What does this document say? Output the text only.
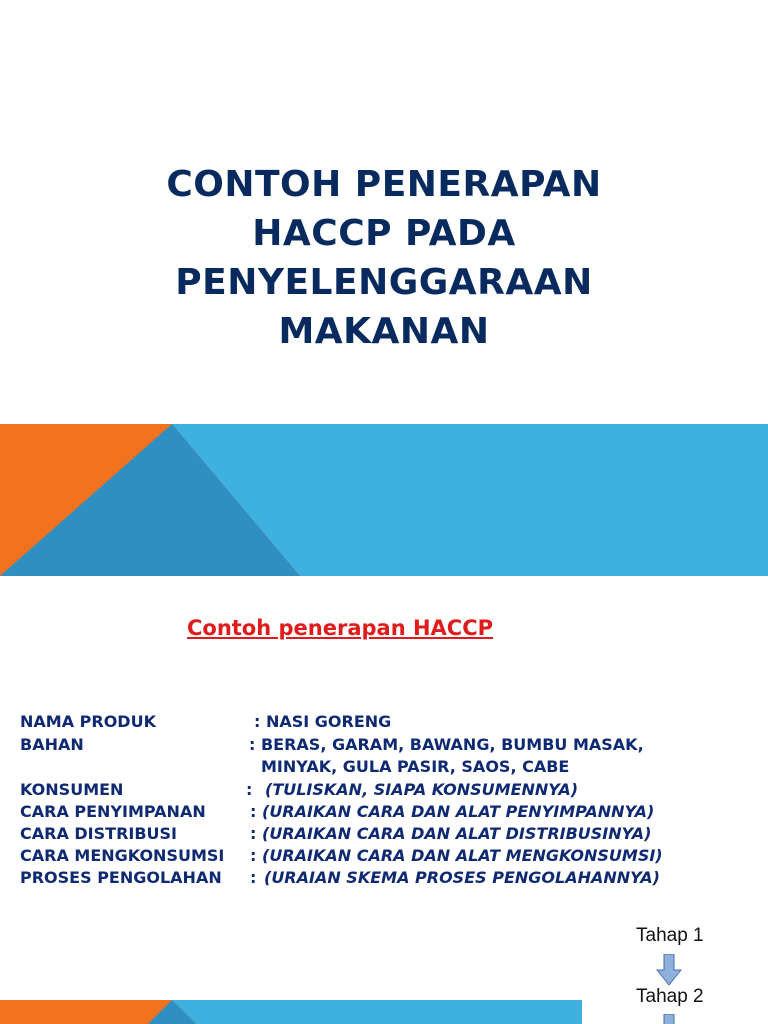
CONTOH PENERAPAN
HACCP PADA
PENYELENGGARAAN
MAKANAN
Contoh penerapan HACCP
NAMA PRODUK	: NASI GORENG
BAHAN	: BERAS, GARAM, BAWANG, BUMBU MASAK,
MINYAK, GULA PASIR, SAOS, CABE
KONSUMEN	: (TULISKAN, SIAPA KONSUMENNYA)
CARA PENYIMPANAN	: (URAIKAN CARA DAN ALAT PENYIMPANNYA)
CARA DISTRIBUSI	: (URAIKAN CARA DAN ALAT DISTRIBUSINYA)
CARA MENGKONSUMSI : (URAIKAN CARA DAN ALAT MENGKONSUMSI)
PROSES PENGOLAHAN : (URAIAN SKEMA PROSES PENGOLAHANNYA)
Tahap 1
Tahap 2
